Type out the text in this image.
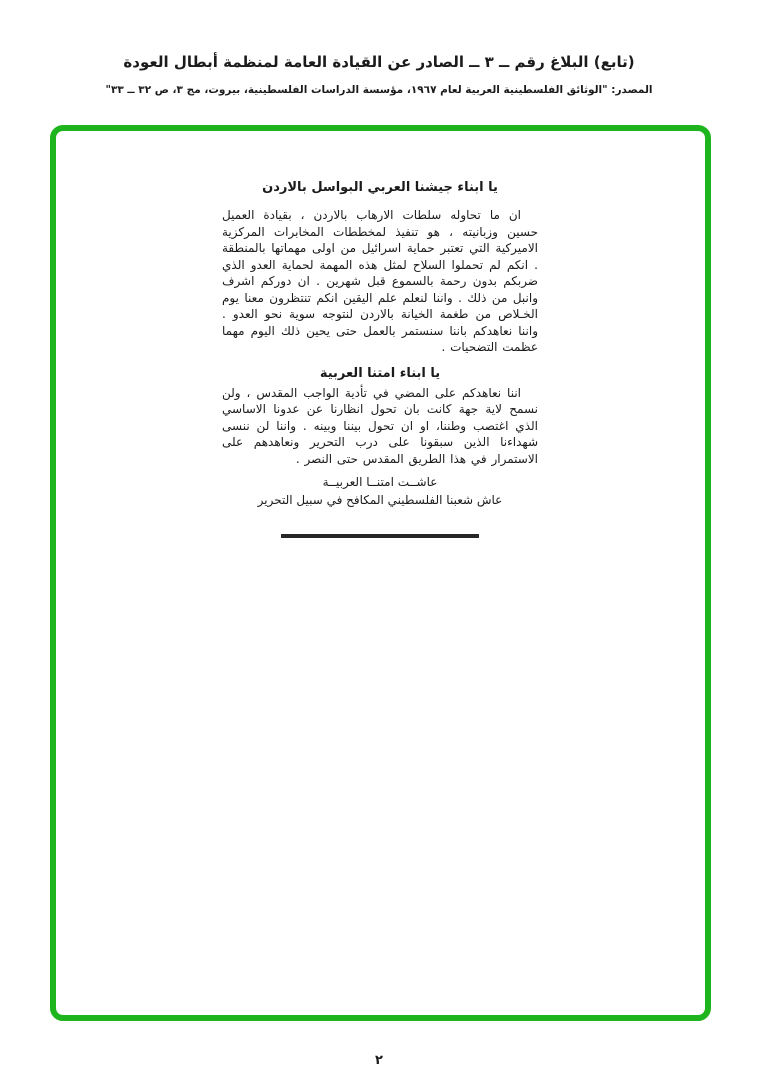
(تابع) البلاغ رقم ــ ٣ ــ الصادر عن القيادة العامة لمنظمة أبطال العودة
المصدر: "الوثائق الفلسطينية العربية لعام ١٩٦٧، مؤسسة الدراسات الفلسطينية، بيروت، مج ٣، ص ٣٢ ــ ٣٣"
يا ابناء جيشنا العربي البواسل بالاردن

ان ما تحاوله سلطات الارهاب بالاردن ، بقيادة العميل حسين وزبانيته ، هو تنفيذ لمخططات المخابرات المركزية الاميركية التي تعتبر حماية اسرائيل من اولى مهماتها بالمنطقة . انكم لم تحملوا السلاح لمثل هذه المهمة لحماية العدو الذي ضربكم بدون رحمة بالسموع قبل شهرين . ان دوركم اشرف وانبل من ذلك . واننا لنعلم علم اليقين انكم تنتظرون معنا يوم الخـلاص من طغمة الخيانة بالاردن لنتوجه سوية نحو العدو . واننا نعاهدكم باننا سنستمر بالعمل حتى يحين ذلك اليوم مهما عظمت التضحيات .

يا ابناء امتنا العربية

اننا نعاهدكم على المضي في تأدية الواجب المقدس ، ولن نسمح لاية جهة كانت بان تحول انظارنا عن عدونا الاساسي الذي اغتصب وطننا، او ان تحول بيننا وبينه . واننا لن ننسى شهداءنا الذين سبقونا على درب التحرير ونعاهدهم على الاستمرار في هذا الطريق المقدس حتى النصر .

عاشــت امتنــا العربيــة
عاش شعبنا الفلسطيني المكافح في سبيل التحرير
٢
